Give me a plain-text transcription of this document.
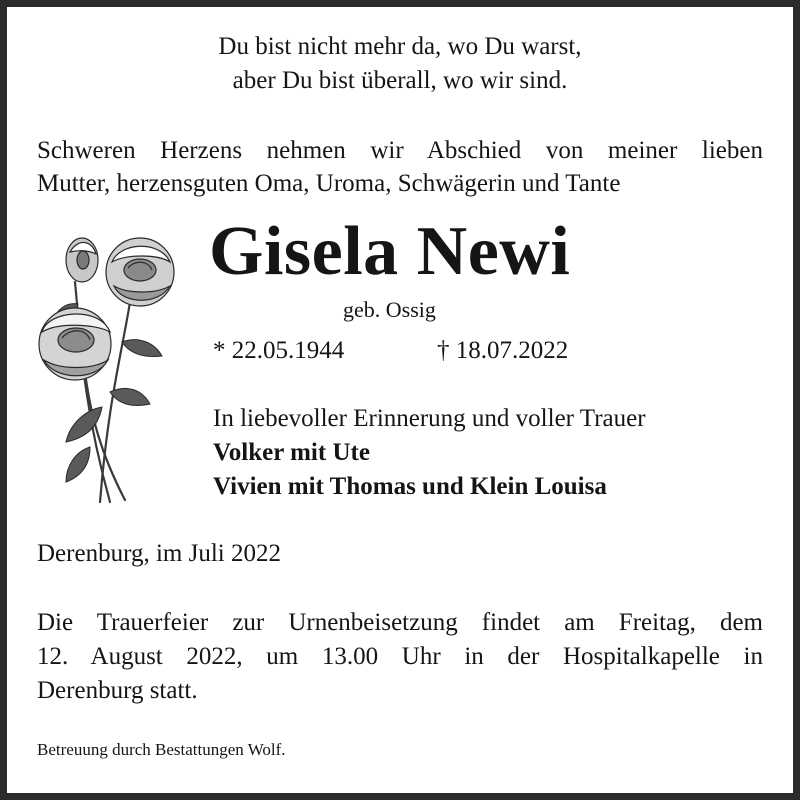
Du bist nicht mehr da, wo Du warst,
aber Du bist überall, wo wir sind.
Schweren Herzens nehmen wir Abschied von meiner lieben
Mutter, herzensguten Oma, Uroma, Schwägerin und Tante
Gisela Newi
geb. Ossig
* 22.05.1944	† 18.07.2022
In liebevoller Erinnerung und voller Trauer
Volker mit Ute
Vivien mit Thomas und Klein Louisa
Derenburg, im Juli 2022
Die Trauerfeier zur Urnenbeisetzung findet am Freitag, dem
12. August 2022, um 13.00 Uhr in der Hospitalkapelle in
Derenburg statt.
Betreuung durch Bestattungen Wolf.
